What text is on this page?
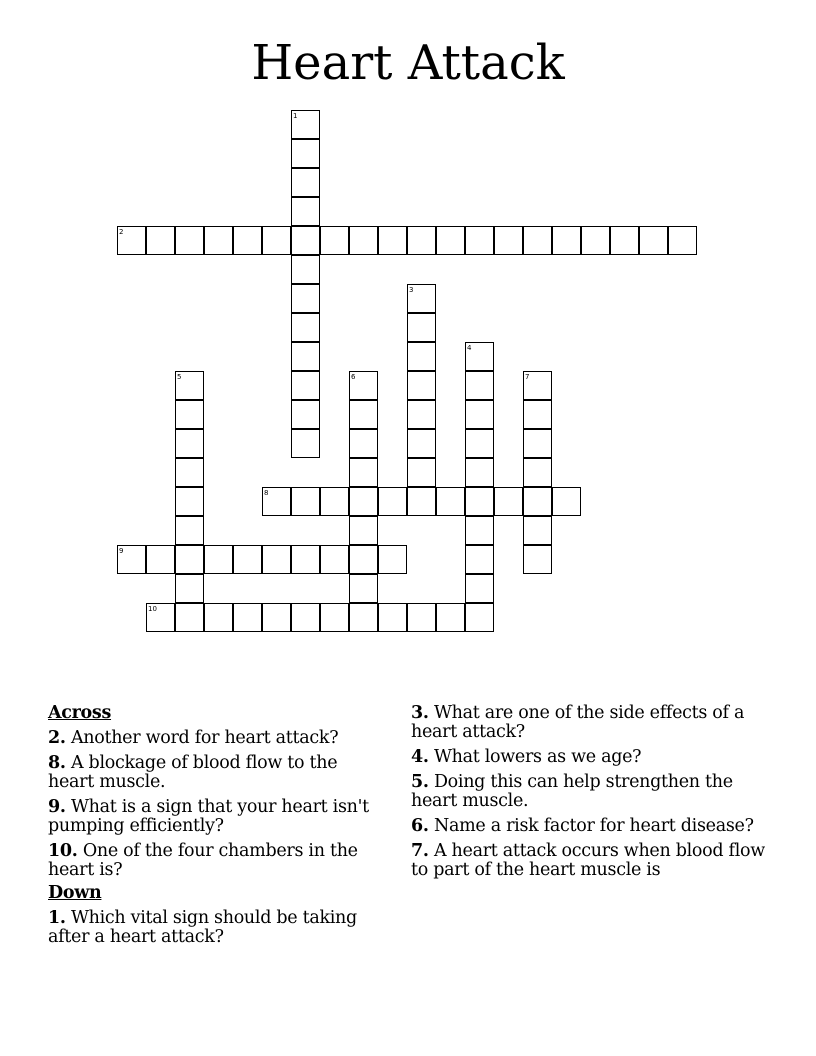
Heart Attack
1
2
3
4
5	6	7
8
9
10
Across
2. Another word for heart attack?
8. A blockage of blood flow to the heart muscle.
9. What is a sign that your heart isn't pumping efficiently?
10. One of the four chambers in the heart is?
Down
1. Which vital sign should be taking after a heart attack?
3. What are one of the side effects of a heart attack?
4. What lowers as we age?
5. Doing this can help strengthen the heart muscle.
6. Name a risk factor for heart disease?
7. A heart attack occurs when blood flow to part of the heart muscle is
